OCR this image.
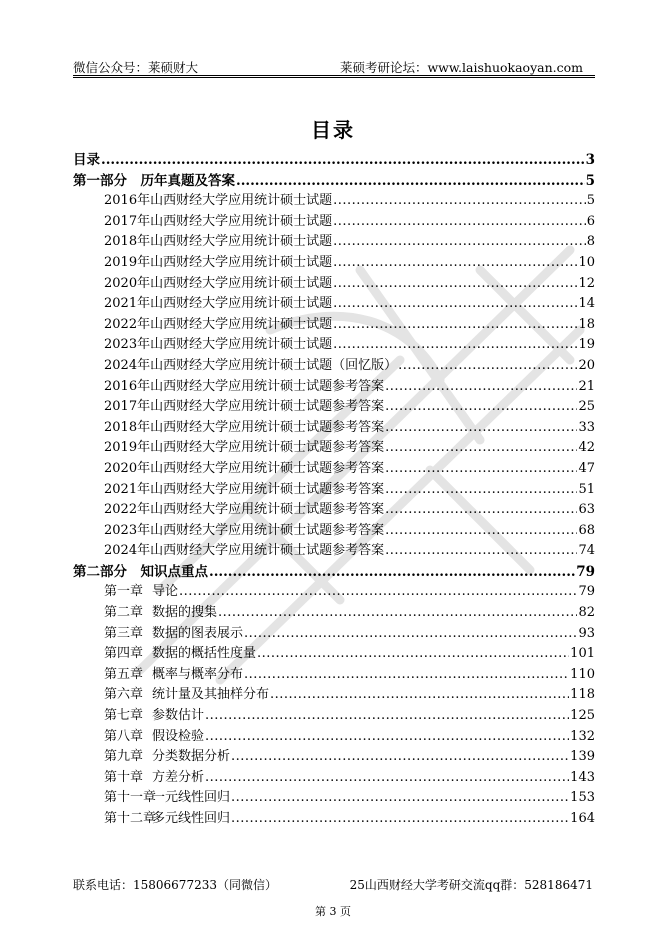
微信公众号：莱硕财大	莱硕考研论坛：www.laishuokaoyan.com
目录
目录 .....	3
第一部分　历年真题及答案 .....	5
2016年山西财经大学应用统计硕士试题 .....	5
2017年山西财经大学应用统计硕士试题 .....	6
2018年山西财经大学应用统计硕士试题 .....	8
2019年山西财经大学应用统计硕士试题 .....	10
2020年山西财经大学应用统计硕士试题 .....	12
2021年山西财经大学应用统计硕士试题 .....	14
2022年山西财经大学应用统计硕士试题 .....	18
2023年山西财经大学应用统计硕士试题 .....	19
2024年山西财经大学应用统计硕士试题（回忆版） .....	20
2016年山西财经大学应用统计硕士试题参考答案 .....	21
2017年山西财经大学应用统计硕士试题参考答案 .....	25
2018年山西财经大学应用统计硕士试题参考答案 .....	33
2019年山西财经大学应用统计硕士试题参考答案 .....	42
2020年山西财经大学应用统计硕士试题参考答案 .....	47
2021年山西财经大学应用统计硕士试题参考答案 .....	51
2022年山西财经大学应用统计硕士试题参考答案 .....	63
2023年山西财经大学应用统计硕士试题参考答案 .....	68
2024年山西财经大学应用统计硕士试题参考答案 .....	74
第二部分　知识点重点 .....	79
第一章 导论 .....	79
第二章 数据的搜集 .....	82
第三章 数据的图表展示 .....	93
第四章 数据的概括性度量 .....	101
第五章 概率与概率分布 .....	110
第六章 统计量及其抽样分布 .....	118
第七章 参数估计 .....	125
第八章 假设检验 .....	132
第九章 分类数据分析 .....	139
第十章 方差分析 .....	143
第十一章一元线性回归 .....	153
第十二章多元线性回归 .....	164
联系电话：15806677233（同微信）	25山西财经大学考研交流qq群：528186471
第 3 页
